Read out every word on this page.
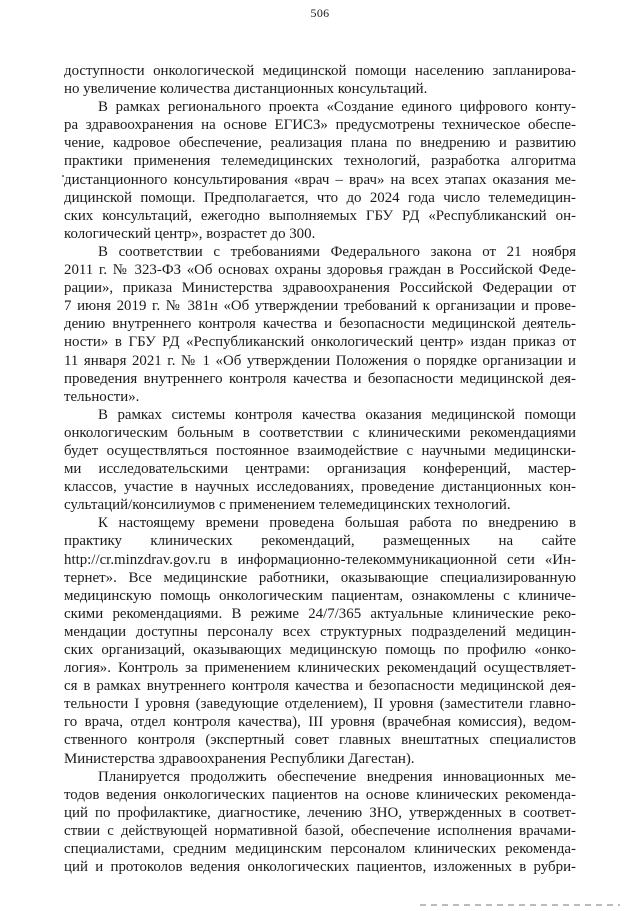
506
доступности онкологической медицинской помощи населению запланирова-
но увеличение количества дистанционных консультаций.
В рамках регионального проекта «Создание единого цифрового конту-
ра здравоохранения на основе ЕГИСЗ» предусмотрены техническое обеспе-
чение, кадровое обеспечение, реализация плана по внедрению и развитию
практики применения телемедицинских технологий, разработка алгоритма
дистанционного консультирования «врач – врач» на всех этапах оказания ме-
дицинской помощи. Предполагается, что до 2024 года число телемедицин-
ских консультаций, ежегодно выполняемых ГБУ РД «Республиканский он-
кологический центр», возрастет до 300.
В соответствии с требованиями Федерального закона от 21 ноября
2011 г. № 323-ФЗ «Об основах охраны здоровья граждан в Российской Феде-
рации», приказа Министерства здравоохранения Российской Федерации от
7 июня 2019 г. № 381н «Об утверждении требований к организации и прове-
дению внутреннего контроля качества и безопасности медицинской деятель-
ности» в ГБУ РД «Республиканский онкологический центр» издан приказ от
11 января 2021 г. № 1 «Об утверждении Положения о порядке организации и
проведения внутреннего контроля качества и безопасности медицинской дея-
тельности».
В рамках системы контроля качества оказания медицинской помощи
онкологическим больным в соответствии с клиническими рекомендациями
будет осуществляться постоянное взаимодействие с научными медицински-
ми исследовательскими центрами: организация конференций, мастер-
классов, участие в научных исследованиях, проведение дистанционных кон-
сультаций/консилиумов с применением телемедицинских технологий.
К настоящему времени проведена большая работа по внедрению в
практику клинических рекомендаций, размещенных на сайте
http://cr.minzdrav.gov.ru в информационно-телекоммуникационной сети «Ин-
тернет». Все медицинские работники, оказывающие специализированную
медицинскую помощь онкологическим пациентам, ознакомлены с клиниче-
скими рекомендациями. В режиме 24/7/365 актуальные клинические реко-
мендации доступны персоналу всех структурных подразделений медицин-
ских организаций, оказывающих медицинскую помощь по профилю «онко-
логия». Контроль за применением клинических рекомендаций осуществляет-
ся в рамках внутреннего контроля качества и безопасности медицинской дея-
тельности I уровня (заведующие отделением), II уровня (заместители главно-
го врача, отдел контроля качества), III уровня (врачебная комиссия), ведом-
ственного контроля (экспертный совет главных внештатных специалистов
Министерства здравоохранения Республики Дагестан).
Планируется продолжить обеспечение внедрения инновационных ме-
тодов ведения онкологических пациентов на основе клинических рекоменда-
ций по профилактике, диагностике, лечению ЗНО, утвержденных в соответ-
ствии с действующей нормативной базой, обеспечение исполнения врачами-
специалистами, средним медицинским персоналом клинических рекоменда-
ций и протоколов ведения онкологических пациентов, изложенных в рубри-
